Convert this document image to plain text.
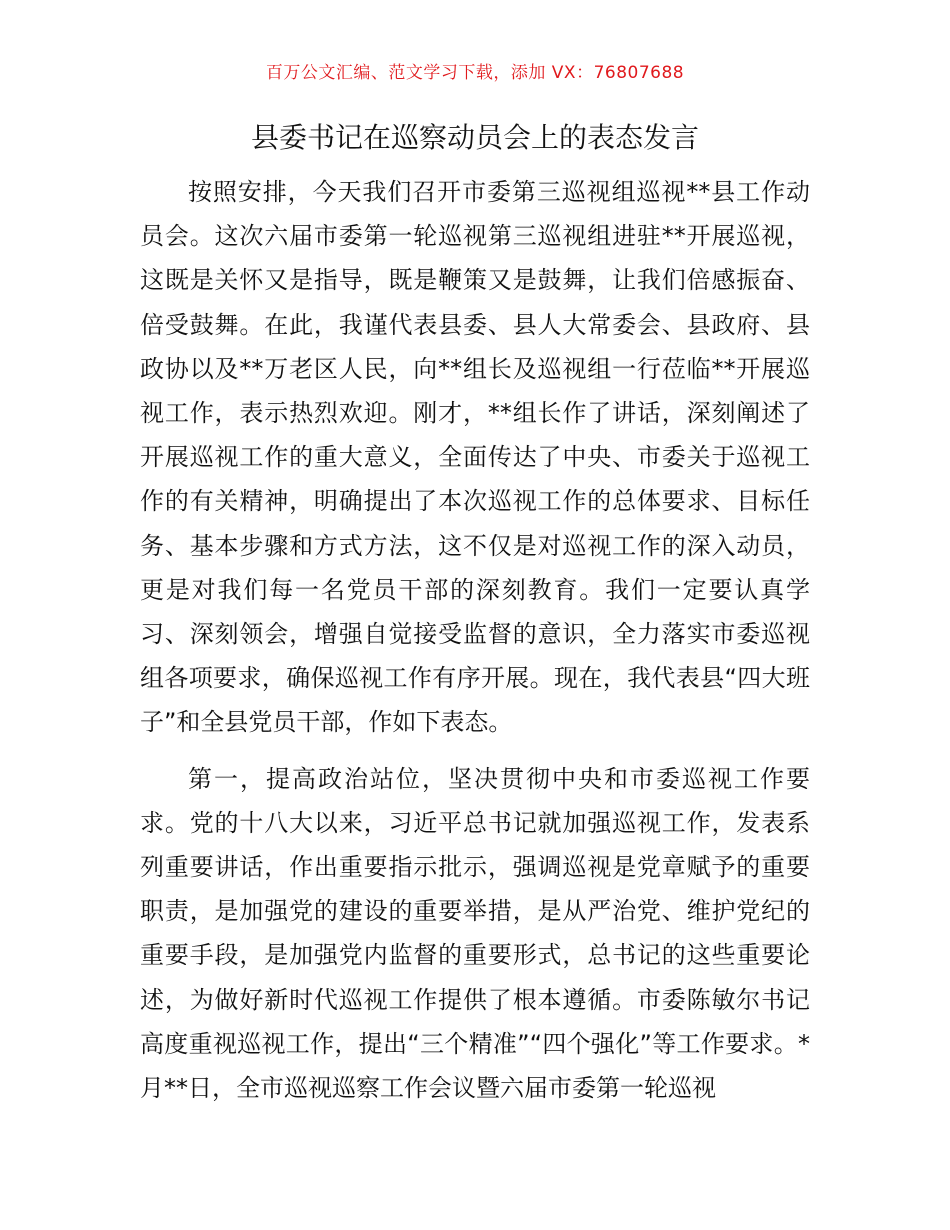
百万公文汇编、范文学习下载，添加 VX：76807688
县委书记在巡察动员会上的表态发言

按照安排，今天我们召开市委第三巡视组巡视**县工作动员会。这次六届市委第一轮巡视第三巡视组进驻**开展巡视，这既是关怀又是指导，既是鞭策又是鼓舞，让我们倍感振奋、倍受鼓舞。在此，我谨代表县委、县人大常委会、县政府、县政协以及**万老区人民，向**组长及巡视组一行莅临**开展巡视工作，表示热烈欢迎。刚才，**组长作了讲话，深刻阐述了开展巡视工作的重大意义，全面传达了中央、市委关于巡视工作的有关精神，明确提出了本次巡视工作的总体要求、目标任务、基本步骤和方式方法，这不仅是对巡视工作的深入动员，更是对我们每一名党员干部的深刻教育。我们一定要认真学习、深刻领会，增强自觉接受监督的意识，全力落实市委巡视组各项要求，确保巡视工作有序开展。现在，我代表县“四大班子”和全县党员干部，作如下表态。

第一，提高政治站位，坚决贯彻中央和市委巡视工作要求。党的十八大以来，习近平总书记就加强巡视工作，发表系列重要讲话，作出重要指示批示，强调巡视是党章赋予的重要职责，是加强党的建设的重要举措，是从严治党、维护党纪的重要手段，是加强党内监督的重要形式，总书记的这些重要论述，为做好新时代巡视工作提供了根本遵循。市委陈敏尔书记高度重视巡视工作，提出“三个精准”“四个强化”等工作要求。*月**日，全市巡视巡察工作会议暨六届市委第一轮巡视
